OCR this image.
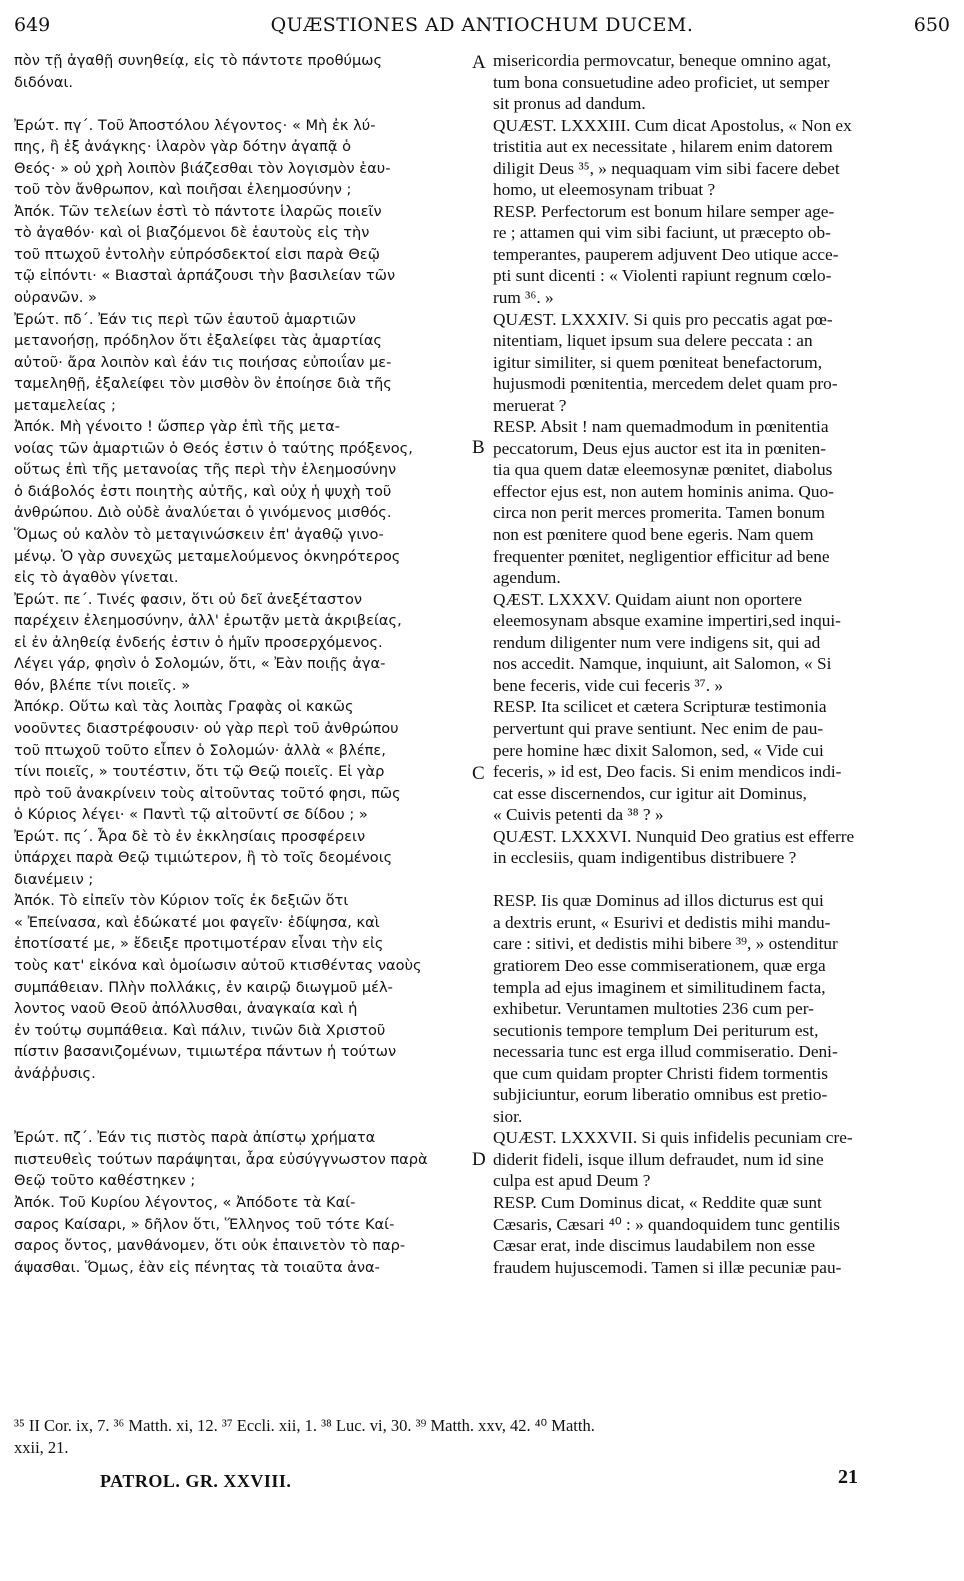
649	QUÆSTIONES AD ANTIOCHUM DUCEM.	650
πὸν τῇ ἀγαθῇ συνηθείᾳ, εἰς τὸ πάντοτε προθύμως
διδόναι.
Ἐρώτ. πγ´. Τοῦ Ἀποστόλου λέγοντος· « Μὴ ἐκ λύ-
πης, ἢ ἐξ ἀνάγκης· ἱλαρὸν γὰρ δότην ἀγαπᾷ ὁ
Θεός· » οὐ χρὴ λοιπὸν βιάζεσθαι τὸν λογισμὸν ἑαυ-
τοῦ τὸν ἄνθρωπον, καὶ ποιῆσαι ἐλεημοσύνην ;
Ἀπόκ. Τῶν τελείων ἐστὶ τὸ πάντοτε ἱλαρῶς ποιεῖν
τὸ ἀγαθόν· καὶ οἱ βιαζόμενοι δὲ ἑαυτοὺς εἰς τὴν
τοῦ πτωχοῦ ἐντολὴν εὐπρόσδεκτοί εἰσι παρὰ Θεῷ
τῷ εἰπόντι· « Βιασταὶ ἁρπάζουσι τὴν βασιλείαν τῶν
οὐρανῶν. »
Ἐρώτ. πδ´. Ἐάν τις περὶ τῶν ἑαυτοῦ ἁμαρτιῶν
μετανοήσῃ, πρόδηλον ὅτι ἐξαλείφει τὰς ἁμαρτίας
αὐτοῦ· ἄρα λοιπὸν καὶ ἐάν τις ποιήσας εὐποιΐαν με-
ταμεληθῇ, ἐξαλείφει τὸν μισθὸν ὃν ἐποίησε διὰ τῆς
μεταμελείας ;
Ἀπόκ. Μὴ γένοιτο ! ὥσπερ γὰρ ἐπὶ τῆς μετα-
νοίας τῶν ἁμαρτιῶν ὁ Θεός ἐστιν ὁ ταύτης πρόξενος,
οὕτως ἐπὶ τῆς μετανοίας τῆς περὶ τὴν ἐλεημοσύνην
ὁ διάβολός ἐστι ποιητὴς αὐτῆς, καὶ οὐχ ἡ ψυχὴ τοῦ
ἀνθρώπου. Διὸ οὐδὲ ἀναλύεται ὁ γινόμενος μισθός.
Ὅμως οὐ καλὸν τὸ μεταγινώσκειν ἐπ' ἀγαθῷ γινο-
μένῳ. Ὁ γὰρ συνεχῶς μεταμελούμενος ὀκνηρότερος
εἰς τὸ ἀγαθὸν γίνεται.
Ἐρώτ. πε´. Τινές φασιν, ὅτι οὐ δεῖ ἀνεξέταστον
παρέχειν ἐλεημοσύνην, ἀλλ' ἐρωτᾷν μετὰ ἀκριβείας,
εἰ ἐν ἀληθείᾳ ἐνδεής ἐστιν ὁ ἡμῖν προσερχόμενος.
Λέγει γάρ, φησὶν ὁ Σολομών, ὅτι, « Ἐὰν ποιῇς ἀγα-
θόν, βλέπε τίνι ποιεῖς. »
Ἀπόκρ. Οὕτω καὶ τὰς λοιπὰς Γραφὰς οἱ κακῶς
νοοῦντες διαστρέφουσιν· οὐ γὰρ περὶ τοῦ ἀνθρώπου
τοῦ πτωχοῦ τοῦτο εἶπεν ὁ Σολομών· ἀλλὰ « βλέπε,
τίνι ποιεῖς, » τουτέστιν, ὅτι τῷ Θεῷ ποιεῖς. Εἰ γὰρ
πρὸ τοῦ ἀνακρίνειν τοὺς αἰτοῦντας τοῦτό φησι, πῶς
ὁ Κύριος λέγει· « Παντὶ τῷ αἰτοῦντί σε δίδου ; »
Ἐρώτ. πς´. Ἆρα δὲ τὸ ἐν ἐκκλησίαις προσφέρειν
ὑπάρχει παρὰ Θεῷ τιμιώτερον, ἢ τὸ τοῖς δεομένοις
διανέμειν ;
Ἀπόκ. Τὸ εἰπεῖν τὸν Κύριον τοῖς ἐκ δεξιῶν ὅτι
« Ἐπείνασα, καὶ ἐδώκατέ μοι φαγεῖν· ἐδίψησα, καὶ
ἐποτίσατέ με, » ἔδειξε προτιμοτέραν εἶναι τὴν εἰς
τοὺς κατ' εἰκόνα καὶ ὁμοίωσιν αὐτοῦ κτισθέντας ναοὺς
συμπάθειαν. Πλὴν πολλάκις, ἐν καιρῷ διωγμοῦ μέλ-
λοντος ναοῦ Θεοῦ ἀπόλλυσθαι, ἀναγκαία καὶ ἡ
ἐν τούτῳ συμπάθεια. Καὶ πάλιν, τινῶν διὰ Χριστοῦ
πίστιν βασανιζομένων, τιμιωτέρα πάντων ἡ τούτων
ἀνάῤῥυσις.
Ἐρώτ. πζ´. Ἐάν τις πιστὸς παρὰ ἀπίστῳ χρήματα
πιστευθεὶς τούτων παράψηται, ἆρα εὐσύγγνωστον παρὰ
Θεῷ τοῦτο καθέστηκεν ;
Ἀπόκ. Τοῦ Κυρίου λέγοντος, « Ἀπόδοτε τὰ Καί-
σαρος Καίσαρι, » δῆλον ὅτι, Ἕλληνος τοῦ τότε Καί-
σαρος ὄντος, μανθάνομεν, ὅτι οὐκ ἐπαινετὸν τὸ παρ-
άψασθαι. Ὅμως, ἐὰν εἰς πένητας τὰ τοιαῦτα ἀνα-
misericordia permovcatur, beneque omnino agat,
tum bona consuetudine adeo proficiet, ut semper
sit pronus ad dandum.
QUÆST. LXXXIII. Cum dicat Apostolus, « Non ex
tristitia aut ex necessitate , hilarem enim datorem
diligit Deus ³⁵, » nequaquam vim sibi facere debet
homo, ut eleemosynam tribuat ?
RESP. Perfectorum est bonum hilare semper age-
re ; attamen qui vim sibi faciunt, ut præcepto ob-
temperantes, pauperem adjuvent Deo utique acce-
pti sunt dicenti : « Violenti rapiunt regnum cœlo-
rum ³⁶. »
QUÆST. LXXXIV. Si quis pro peccatis agat pœ-
nitentiam, liquet ipsum sua delere peccata : an
igitur similiter, si quem pœniteat benefactorum,
hujusmodi pœnitentia, mercedem delet quam pro-
meruerat ?
RESP. Absit ! nam quemadmodum in pœnitentia
peccatorum, Deus ejus auctor est ita in pœniten-
tia qua quem datæ eleemosynæ pœnitet, diabolus
effector ejus est, non autem hominis anima. Quo-
circa non perit merces promerita. Tamen bonum
non est pœnitere quod bene egeris. Nam quem
frequenter pœnitet, negligentior efficitur ad bene
agendum.
QÆST. LXXXV. Quidam aiunt non oportere
eleemosynam absque examine impertiri,sed inqui-
rendum diligenter num vere indigens sit, qui ad
nos accedit. Namque, inquiunt, ait Salomon, « Si
bene feceris, vide cui feceris ³⁷. »
RESP. Ita scilicet et cætera Scripturæ testimonia
pervertunt qui prave sentiunt. Nec enim de pau-
pere homine hæc dixit Salomon, sed, « Vide cui
feceris, » id est, Deo facis. Si enim mendicos indi-
cat esse discernendos, cur igitur ait Dominus,
« Cuivis petenti da ³⁸ ? »
QUÆST. LXXXVI. Nunquid Deo gratius est efferre
in ecclesiis, quam indigentibus distribuere ?
RESP. Iis quæ Dominus ad illos dicturus est qui
a dextris erunt, « Esurivi et dedistis mihi mandu-
care : sitivi, et dedistis mihi bibere ³⁹, » ostenditur
gratiorem Deo esse commiserationem, quæ erga
templa ad ejus imaginem et similitudinem facta,
exhibetur. Veruntamen multoties 236 cum per-
secutionis tempore templum Dei periturum est,
necessaria tunc est erga illud commiseratio. Deni-
que cum quidam propter Christi fidem tormentis
subjiciuntur, eorum liberatio omnibus est pretio-
sior.
QUÆST. LXXXVII. Si quis infidelis pecuniam cre-
diderit fideli, isque illum defraudet, num id sine
culpa est apud Deum ?
RESP. Cum Dominus dicat, « Reddite quæ sunt
Cæsaris, Cæsari ⁴⁰ : » quandoquidem tunc gentilis
Cæsar erat, inde discimus laudabilem non esse
fraudem hujuscemodi. Tamen si illæ pecuniæ pau-
A
B
C
D
³⁵ II Cor. ix, 7. ³⁶ Matth. xi, 12. ³⁷ Eccli. xii, 1. ³⁸ Luc. vi, 30. ³⁹ Matth. xxv, 42. ⁴⁰ Matth.
xxii, 21.
PATROL. GR. XXVIII.	21
